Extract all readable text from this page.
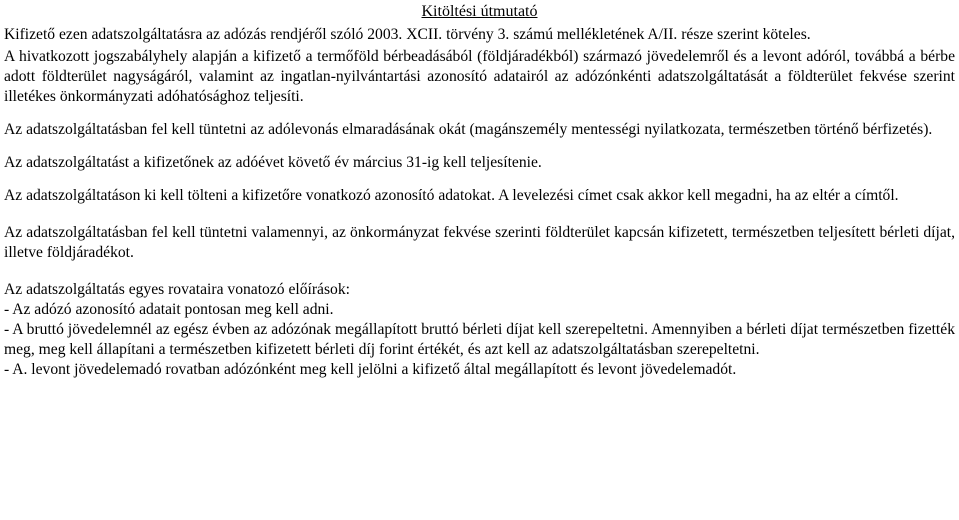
Kitöltési útmutató

Kifizető ezen adatszolgáltatásra az adózás rendjéről szóló 2003. XCII. törvény 3. számú mellékletének A/II. része szerint köteles.

A hivatkozott jogszabályhely alapján a kifizető a termőföld bérbeadásából (földjáradékból) származó jövedelemről és a levont adóról, továbbá a bérbe adott földterület nagyságáról, valamint az ingatlan-nyilvántartási azonosító adatairól az adózónkénti adatszolgáltatását a földterület fekvése szerint illetékes önkormányzati adóhatósághoz teljesíti.

Az adatszolgáltatásban fel kell tüntetni az adólevonás elmaradásának okát (magánszemély mentességi nyilatkozata, természetben történő bérfizetés).

Az adatszolgáltatást a kifizetőnek az adóévet követő év március 31-ig kell teljesítenie.

Az adatszolgáltatáson ki kell tölteni a kifizetőre vonatkozó azonosító adatokat. A levelezési címet csak akkor kell megadni, ha az eltér a címtől.

Az adatszolgáltatásban fel kell tüntetni valamennyi, az önkormányzat fekvése szerinti földterület kapcsán kifizetett, természetben teljesített bérleti díjat, illetve földjáradékot.

Az adatszolgáltatás egyes rovataira vonatozó előírások:

- Az adózó azonosító adatait pontosan meg kell adni.

- A bruttó jövedelemnél az egész évben az adózónak megállapított bruttó bérleti díjat kell szerepeltetni. Amennyiben a bérleti díjat természetben fizették meg, meg kell állapítani a természetben kifizetett bérleti díj forint értékét, és azt kell az adatszolgáltatásban szerepeltetni.

- A. levont jövedelemadó rovatban adózónként meg kell jelölni a kifizető által megállapított és levont jövedelemadót.
